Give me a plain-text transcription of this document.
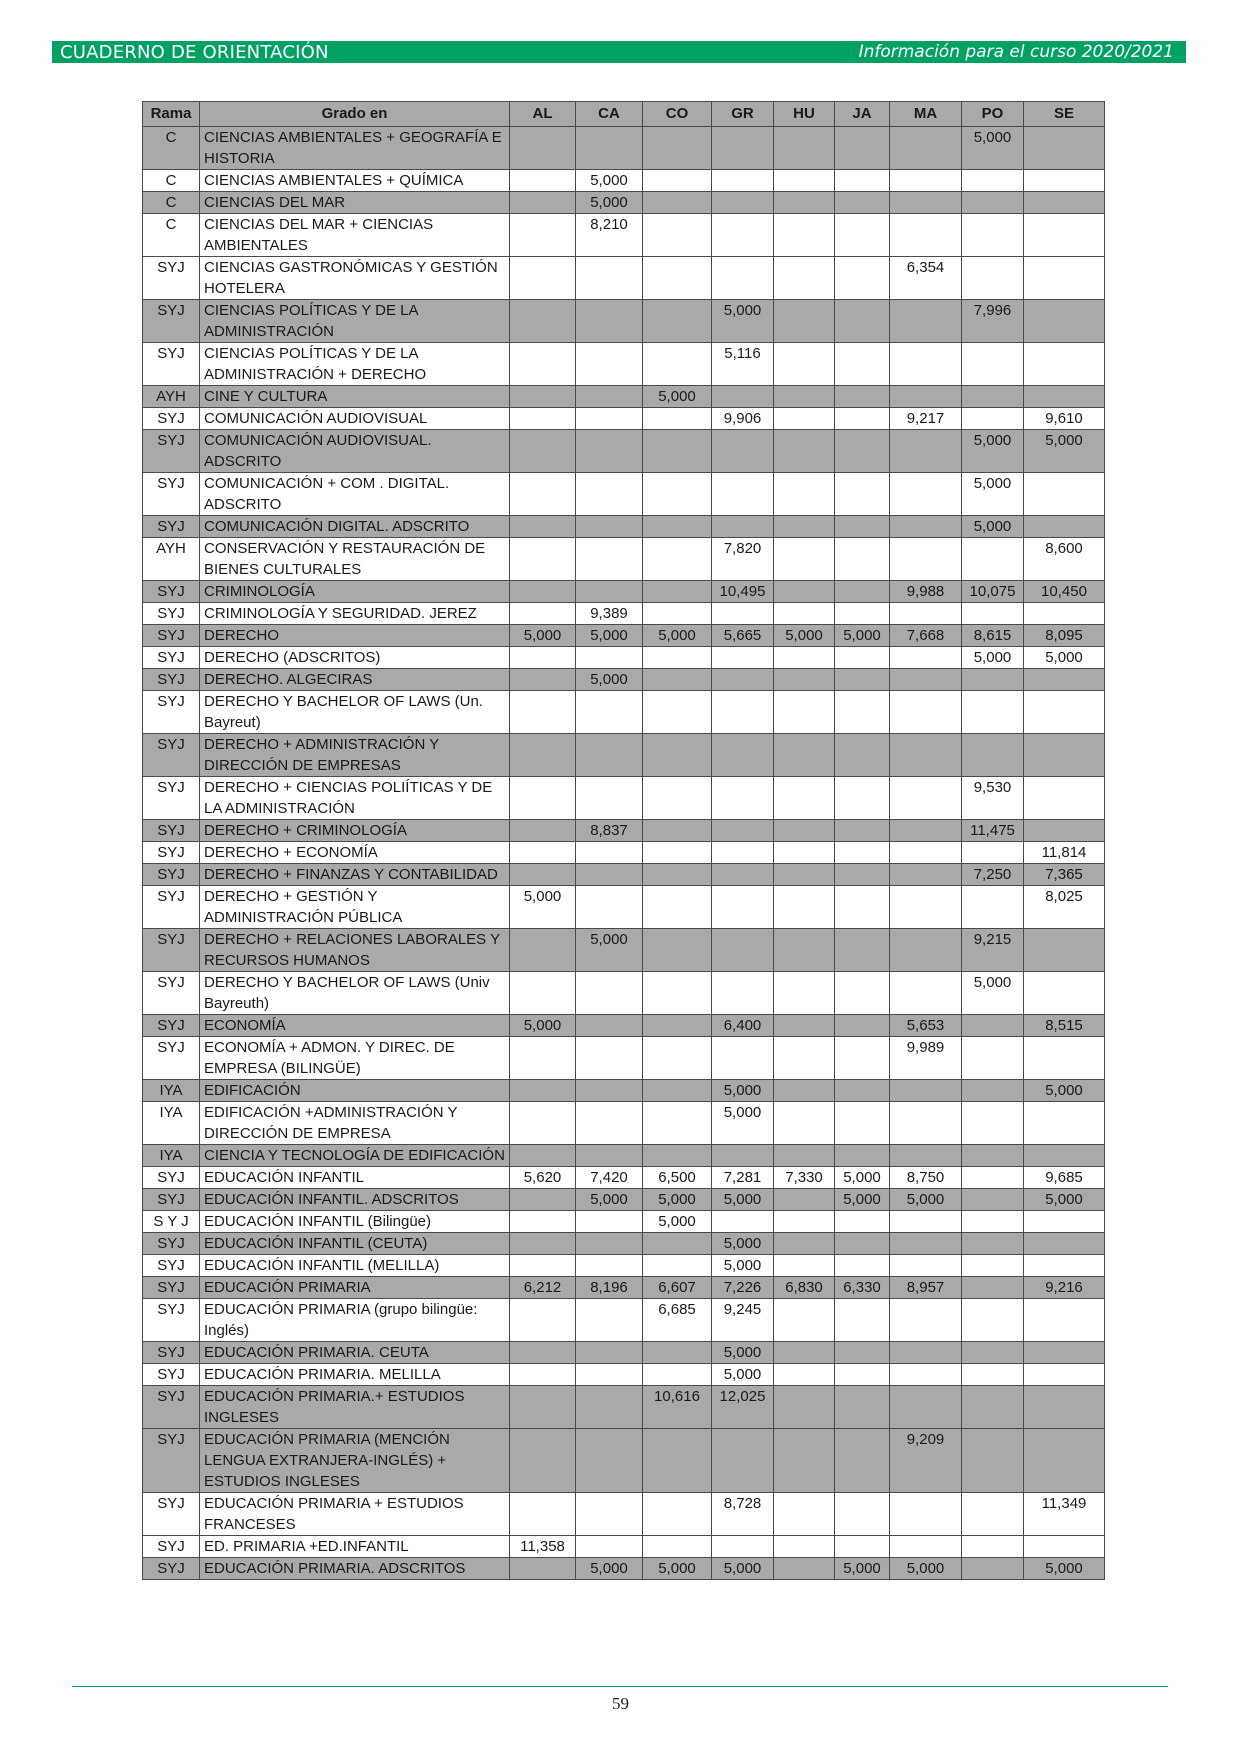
CUADERNO DE ORIENTACIÓN	Información para el curso 2020/2021
Rama	Grado en	AL	CA	CO	GR	HU	JA	MA	PO	SE
C	CIENCIAS AMBIENTALES + GEOGRAFÍA E HISTORIA								5,000	
C	CIENCIAS AMBIENTALES + QUÍMICA		5,000							
C	CIENCIAS DEL MAR		5,000							
C	CIENCIAS DEL MAR + CIENCIAS AMBIENTALES		8,210							
SYJ	CIENCIAS GASTRONÓMICAS Y GESTIÓN HOTELERA							6,354		
SYJ	CIENCIAS POLÍTICAS Y DE LA ADMINISTRACIÓN				5,000				7,996	
SYJ	CIENCIAS POLÍTICAS Y DE LA ADMINISTRACIÓN + DERECHO				5,116					
AYH	CINE Y CULTURA			5,000						
SYJ	COMUNICACIÓN AUDIOVISUAL				9,906			9,217		9,610
SYJ	COMUNICACIÓN AUDIOVISUAL. ADSCRITO								5,000	5,000
SYJ	COMUNICACIÓN + COM . DIGITAL. ADSCRITO								5,000	
SYJ	COMUNICACIÓN DIGITAL. ADSCRITO								5,000	
AYH	CONSERVACIÓN Y RESTAURACIÓN DE BIENES CULTURALES				7,820					8,600
SYJ	CRIMINOLOGÍA				10,495			9,988	10,075	10,450
SYJ	CRIMINOLOGÍA Y SEGURIDAD. JEREZ		9,389							
SYJ	DERECHO	5,000	5,000	5,000	5,665	5,000	5,000	7,668	8,615	8,095
SYJ	DERECHO (ADSCRITOS)								5,000	5,000
SYJ	DERECHO. ALGECIRAS		5,000							
SYJ	DERECHO Y BACHELOR OF LAWS (Un. Bayreut)									
SYJ	DERECHO + ADMINISTRACIÓN Y DIRECCIÓN DE EMPRESAS									
SYJ	DERECHO + CIENCIAS POLIÍTICAS Y DE LA ADMINISTRACIÓN								9,530	
SYJ	DERECHO + CRIMINOLOGÍA		8,837						11,475	
SYJ	DERECHO + ECONOMÍA									11,814
SYJ	DERECHO + FINANZAS Y CONTABILIDAD								7,250	7,365
SYJ	DERECHO + GESTIÓN Y ADMINISTRACIÓN PÚBLICA	5,000								8,025
SYJ	DERECHO + RELACIONES LABORALES Y RECURSOS HUMANOS		5,000						9,215	
SYJ	DERECHO Y BACHELOR OF LAWS (Univ Bayreuth)								5,000	
SYJ	ECONOMÍA	5,000			6,400			5,653		8,515
SYJ	ECONOMÍA + ADMON. Y DIREC. DE EMPRESA (BILINGÜE)							9,989		
IYA	EDIFICACIÓN				5,000					5,000
IYA	EDIFICACIÓN +ADMINISTRACIÓN Y DIRECCIÓN DE EMPRESA				5,000					
IYA	CIENCIA Y TECNOLOGÍA DE EDIFICACIÓN									
SYJ	EDUCACIÓN INFANTIL	5,620	7,420	6,500	7,281	7,330	5,000	8,750		9,685
SYJ	EDUCACIÓN INFANTIL. ADSCRITOS		5,000	5,000	5,000		5,000	5,000		5,000
S Y J	EDUCACIÓN INFANTIL (Bilingüe)			5,000						
SYJ	EDUCACIÓN INFANTIL (CEUTA)				5,000					
SYJ	EDUCACIÓN INFANTIL (MELILLA)				5,000					
SYJ	EDUCACIÓN PRIMARIA	6,212	8,196	6,607	7,226	6,830	6,330	8,957		9,216
SYJ	EDUCACIÓN PRIMARIA (grupo bilingüe: Inglés)			6,685	9,245					
SYJ	EDUCACIÓN PRIMARIA. CEUTA				5,000					
SYJ	EDUCACIÓN PRIMARIA. MELILLA				5,000					
SYJ	EDUCACIÓN PRIMARIA.+ ESTUDIOS INGLESES			10,616	12,025					
SYJ	EDUCACIÓN PRIMARIA (MENCIÓN LENGUA EXTRANJERA-INGLÉS) + ESTUDIOS INGLESES							9,209		
SYJ	EDUCACIÓN PRIMARIA + ESTUDIOS FRANCESES				8,728					11,349
SYJ	ED. PRIMARIA +ED.INFANTIL	11,358								
SYJ	EDUCACIÓN PRIMARIA. ADSCRITOS		5,000	5,000	5,000		5,000	5,000		5,000
59
